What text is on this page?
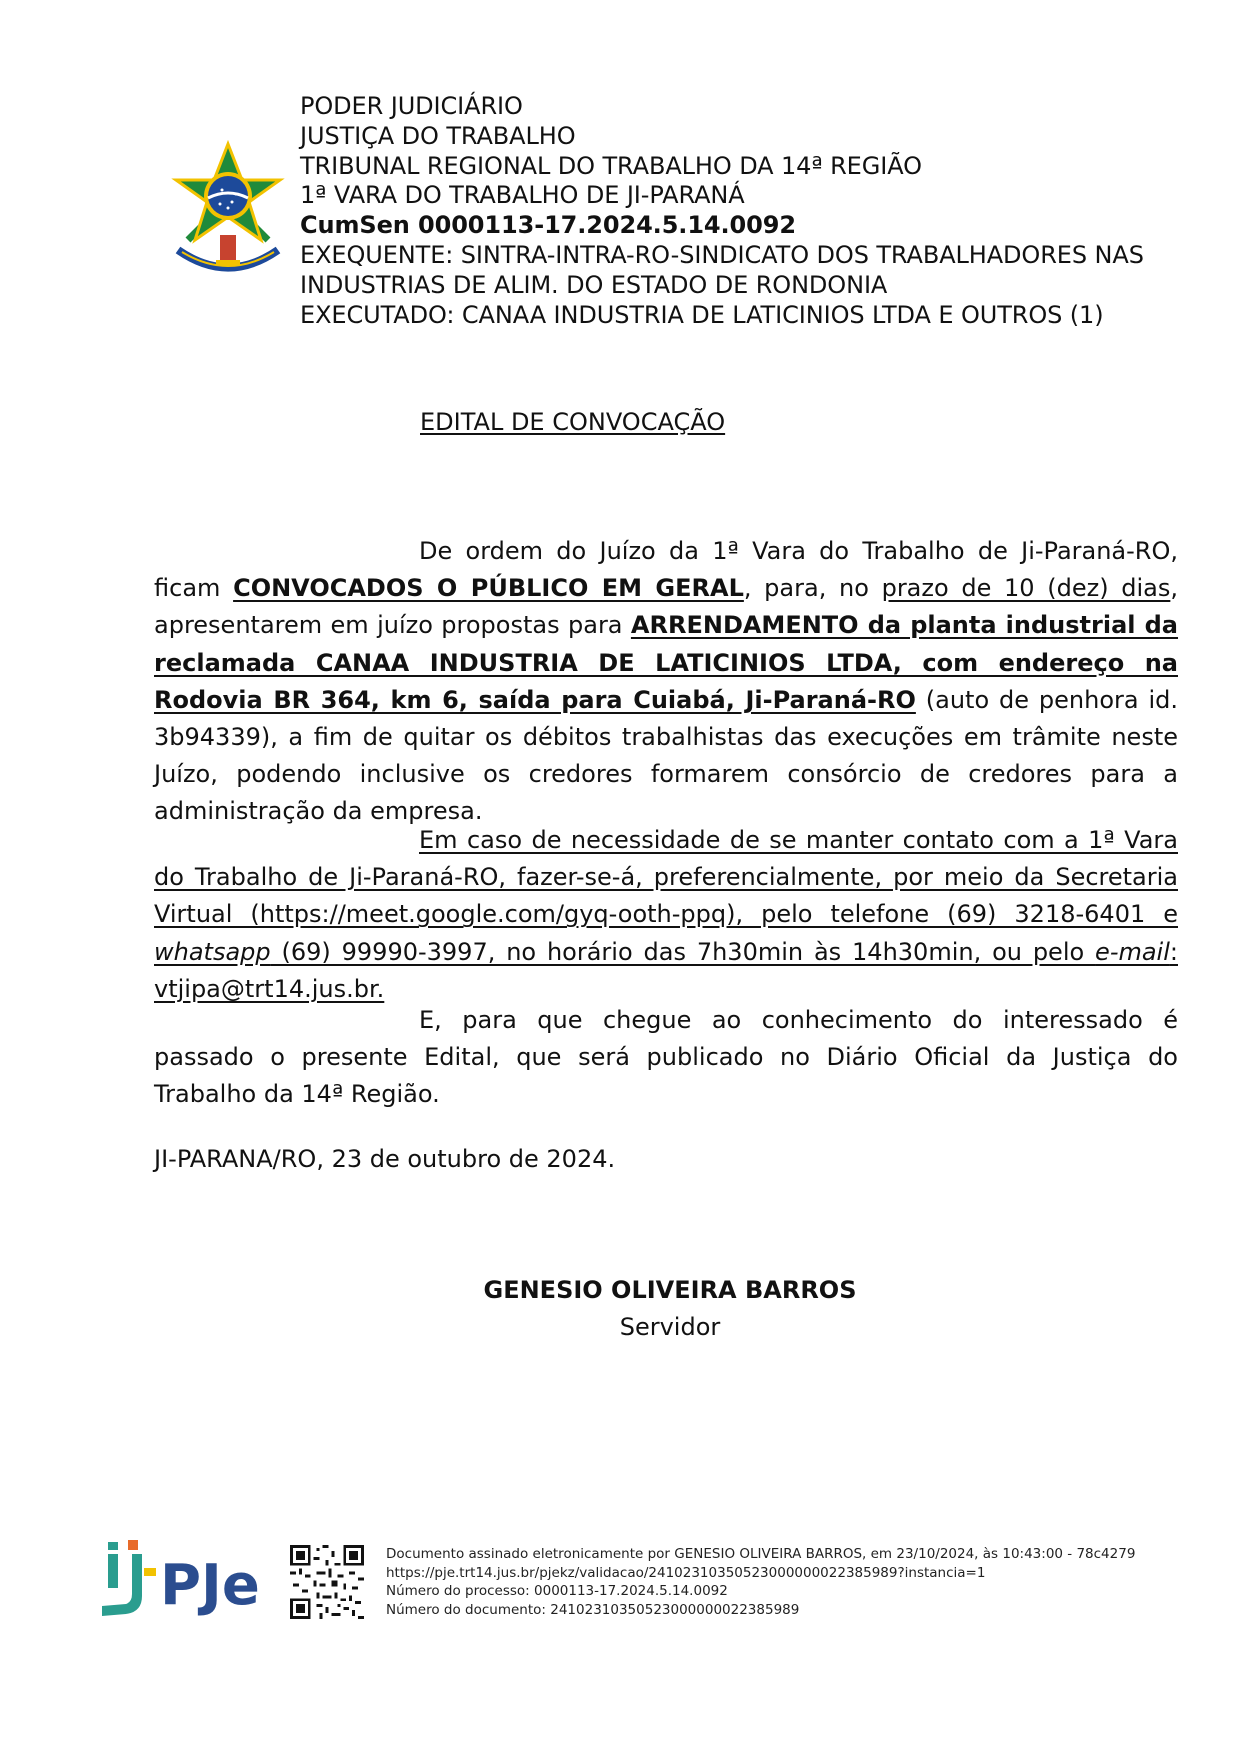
PODER JUDICIÁRIO
JUSTIÇA DO TRABALHO
TRIBUNAL REGIONAL DO TRABALHO DA 14ª REGIÃO
1ª VARA DO TRABALHO DE JI-PARANÁ
CumSen 0000113-17.2024.5.14.0092
EXEQUENTE: SINTRA-INTRA-RO-SINDICATO DOS TRABALHADORES NAS
INDUSTRIAS DE ALIM. DO ESTADO DE RONDONIA
EXECUTADO: CANAA INDUSTRIA DE LATICINIOS LTDA E OUTROS (1)
EDITAL DE CONVOCAÇÃO
De ordem do Juízo da 1ª Vara do Trabalho de Ji-Paraná-RO, ficam CONVOCADOS O PÚBLICO EM GERAL, para, no prazo de 10 (dez) dias, apresentarem em juízo propostas para ARRENDAMENTO da planta industrial da reclamada CANAA INDUSTRIA DE LATICINIOS LTDA, com endereço na Rodovia BR 364, km 6, saída para Cuiabá, Ji-Paraná-RO (auto de penhora id. 3b94339), a fim de quitar os débitos trabalhistas das execuções em trâmite neste Juízo, podendo inclusive os credores formarem consórcio de credores para a administração da empresa.
Em caso de necessidade de se manter contato com a 1ª Vara do Trabalho de Ji-Paraná-RO, fazer-se-á, preferencialmente, por meio da Secretaria Virtual (https://meet.google.com/gyq-ooth-ppq), pelo telefone (69) 3218-6401 e whatsapp (69) 99990-3997, no horário das 7h30min às 14h30min, ou pelo e-mail: vtjipa@trt14.jus.br.
E, para que chegue ao conhecimento do interessado é passado o presente Edital, que será publicado no Diário Oficial da Justiça do Trabalho da 14ª Região.
JI-PARANA/RO, 23 de outubro de 2024.
GENESIO OLIVEIRA BARROS
Servidor
PJe	Documento assinado eletronicamente por GENESIO OLIVEIRA BARROS, em 23/10/2024, às 10:43:00 - 78c4279
https://pje.trt14.jus.br/pjekz/validacao/24102310350523000000022385989?instancia=1
Número do processo: 0000113-17.2024.5.14.0092
Número do documento: 24102310350523000000022385989
